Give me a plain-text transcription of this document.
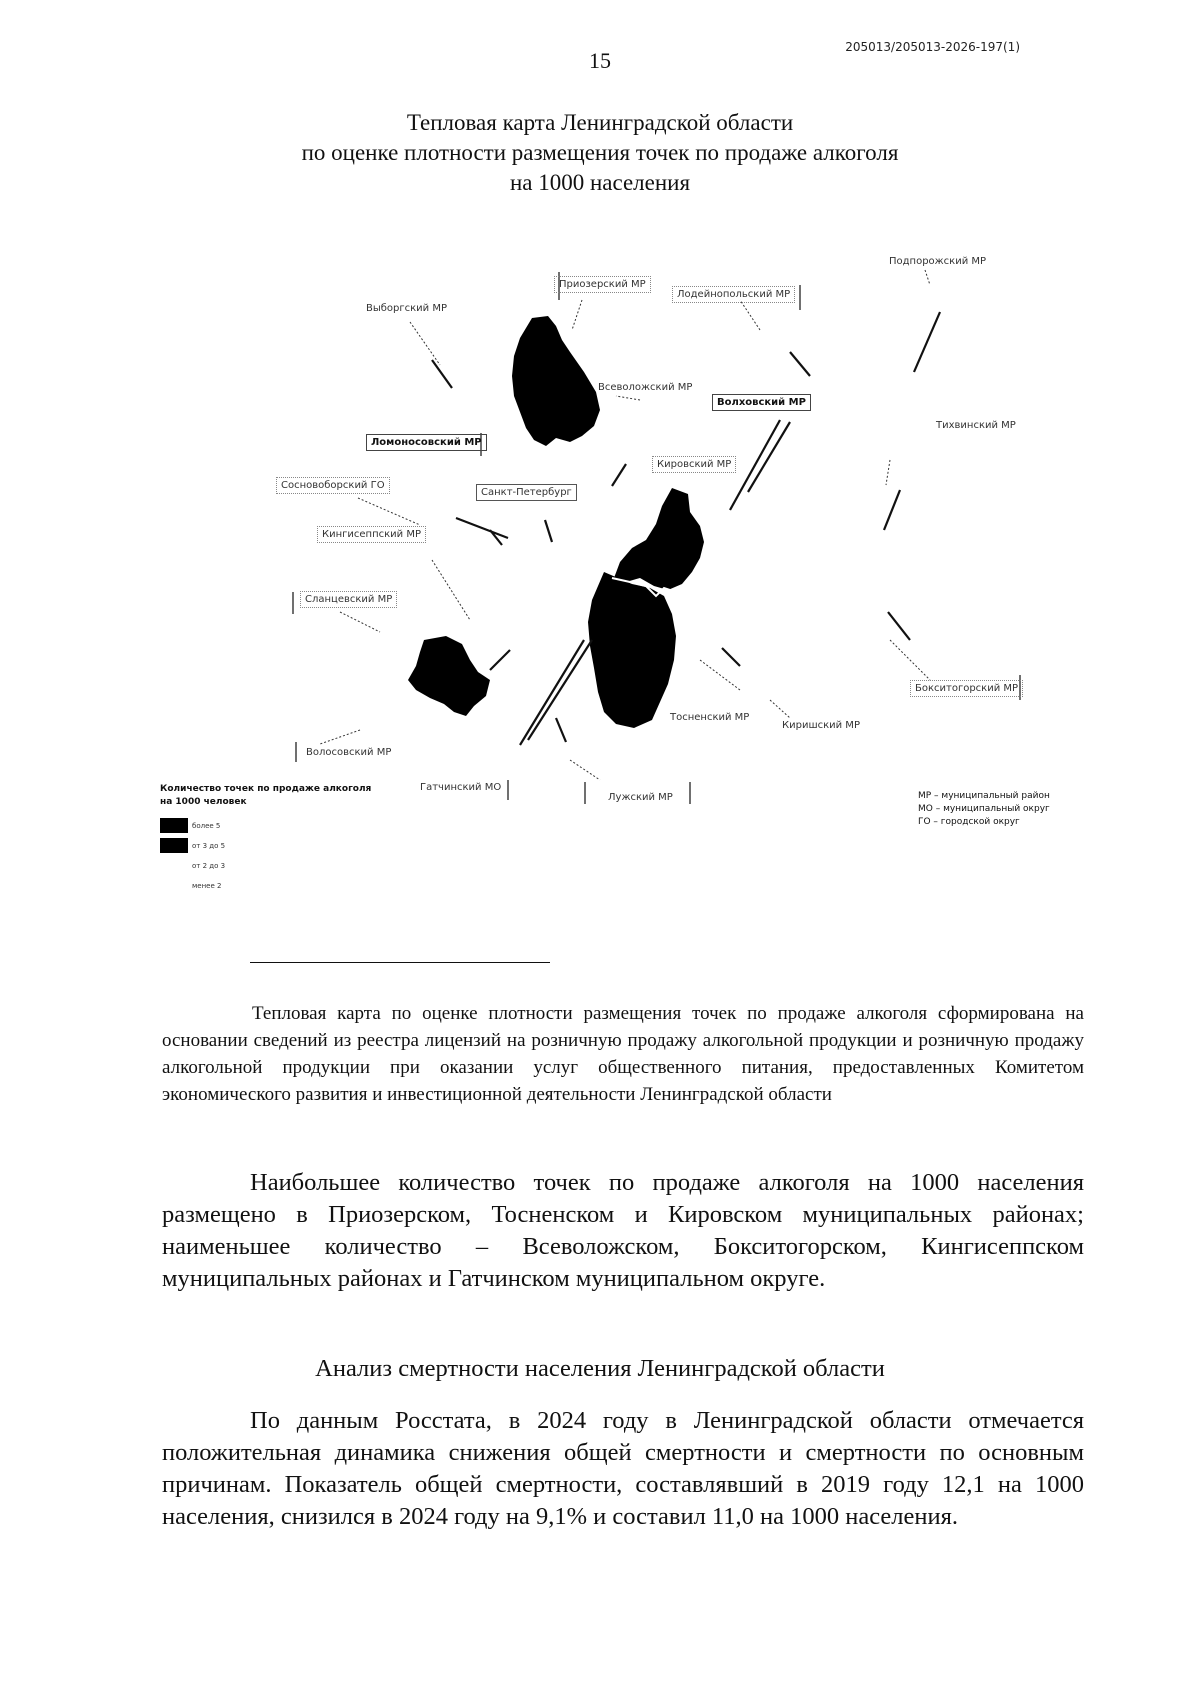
15
205013/205013-2026-197(1)
Тепловая карта Ленинградской области
по оценке плотности размещения точек по продаже алкоголя
на 1000 населения
Выборгский МР
Приозерский МР
Лодейнопольский МР
Подпорожский МР
Всеволожский МР
Волховский МР
Тихвинский МР
Ломоносовский МР
Сосновоборский ГО
Санкт-Петербург
Кировский МР
Кингисеппский МР
Сланцевский МР
Бокситогорский МР
Тосненский МР
Киришский МР
Волосовский МР
Гатчинский МО
Лужский МР
Количество точек по продаже алкоголя
на 1000 человек
более 5
от 3 до 5
от 2 до 3
менее 2
МР – муниципальный район
МО – муниципальный округ
ГО – городской округ

Тепловая карта по оценке плотности размещения точек по продаже алкоголя сформирована на основании сведений из реестра лицензий на розничную продажу алкогольной продукции и розничную продажу алкогольной продукции при оказании услуг общественного питания, предоставленных Комитетом экономического развития и инвестиционной деятельности Ленинградской области

Наибольшее количество точек по продаже алкоголя на 1000 населения размещено в Приозерском, Тосненском и Кировском муниципальных районах; наименьшее количество – Всеволожском, Бокситогорском, Кингисеппском муниципальных районах и Гатчинском муниципальном округе.

Анализ смертности населения Ленинградской области

По данным Росстата, в 2024 году в Ленинградской области отмечается положительная динамика снижения общей смертности и смертности по основным причинам. Показатель общей смертности, составлявший в 2019 году 12,1 на 1000 населения, снизился в 2024 году на 9,1% и составил 11,0 на 1000 населения.
